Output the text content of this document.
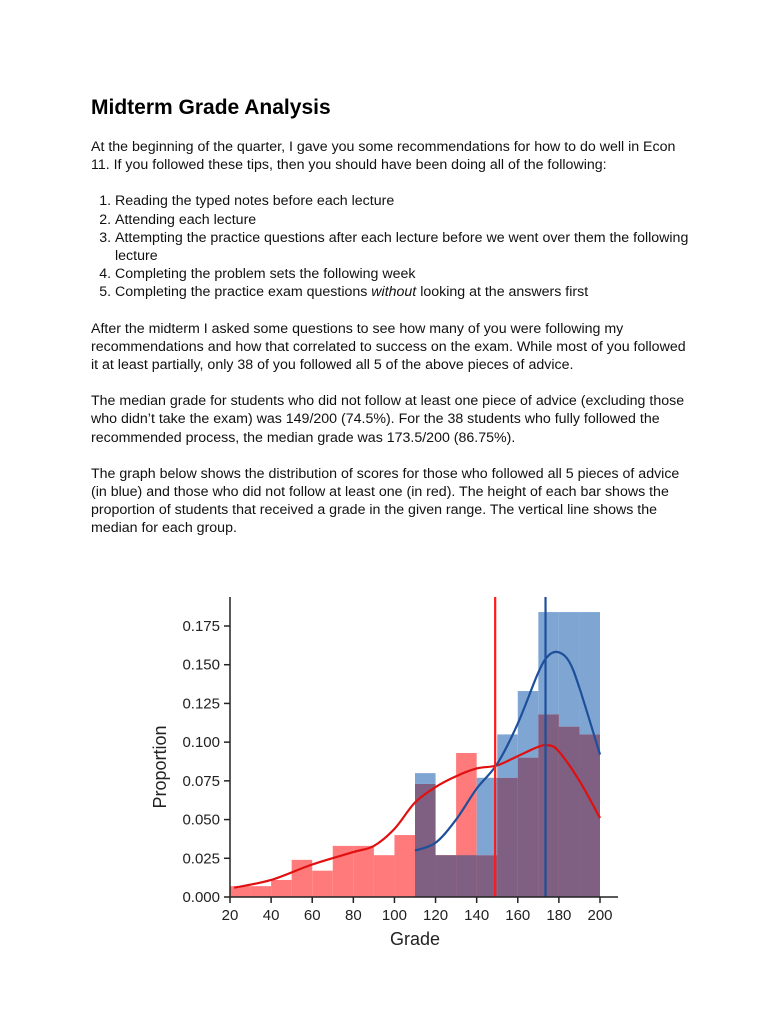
Midterm Grade Analysis

At the beginning of the quarter, I gave you some recommendations for how to do well in Econ 11. If you followed these tips, then you should have been doing all of the following:

1. Reading the typed notes before each lecture
2. Attending each lecture
3. Attempting the practice questions after each lecture before we went over them the following lecture
4. Completing the problem sets the following week
5. Completing the practice exam questions without looking at the answers first

After the midterm I asked some questions to see how many of you were following my recommendations and how that correlated to success on the exam. While most of you followed it at least partially, only 38 of you followed all 5 of the above pieces of advice.

The median grade for students who did not follow at least one piece of advice (excluding those who didn’t take the exam) was 149/200 (74.5%). For the 38 students who fully followed the recommended process, the median grade was 173.5/200 (86.75%).

The graph below shows the distribution of scores for those who followed all 5 pieces of advice (in blue) and those who did not follow at least one (in red). The height of each bar shows the proportion of students that received a grade in the given range. The vertical line shows the median for each group.

0.000
0.025
0.050
0.075
0.100
0.125
0.150
0.175
20 40 60 80 100 120 140 160 180 200
Grade
Proportion
